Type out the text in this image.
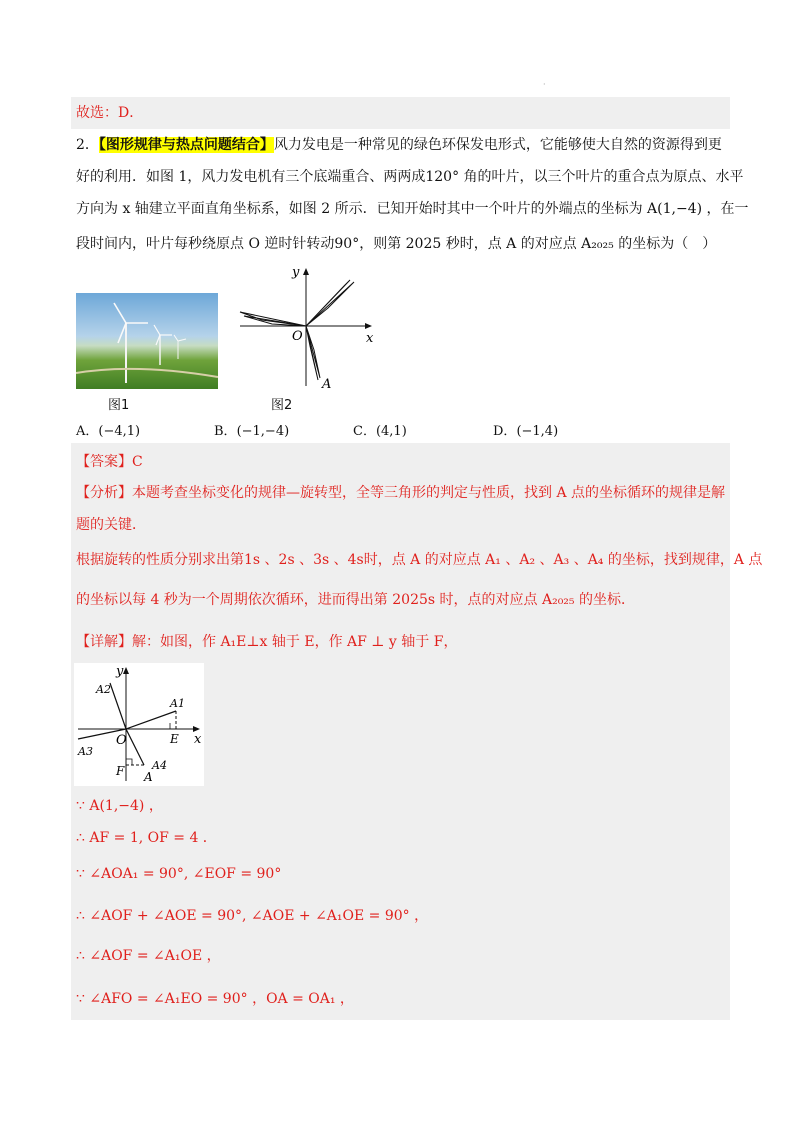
·
故选：D．
2．【图形规律与热点问题结合】风力发电是一种常见的绿色环保发电形式，它能够使大自然的资源得到更
好的利用．如图 1，风力发电机有三个底端重合、两两成120° 角的叶片，以三个叶片的重合点为原点、水平
方向为 x 轴建立平面直角坐标系，如图 2 所示．已知开始时其中一个叶片的外端点的坐标为 A(1,−4) ，在一
段时间内，叶片每秒绕原点 O 逆时针转动90°，则第 2025 秒时，点 A 的对应点 A₂₀₂₅ 的坐标为（　）
图1
y
x
O
A
图2
A．(−4,1)	B．(−1,−4)	C．(4,1)	D．(−1,4)
【答案】C
【分析】本题考查坐标变化的规律—旋转型，全等三角形的判定与性质，找到 A 点的坐标循环的规律是解
题的关键．
根据旋转的性质分别求出第1s 、2s 、3s 、4s时，点 A 的对应点 A₁ 、A₂ 、A₃ 、A₄ 的坐标，找到规律，A 点
的坐标以每 4 秒为一个周期依次循环，进而得出第 2025s 时，点的对应点 A₂₀₂₅ 的坐标．
【详解】解：如图，作 A₁E⊥x 轴于 E，作 AF ⊥ y 轴于 F，
y
x
O
A2
A1
A3
A4
E
F A
∵ A(1,−4) ，
∴ AF = 1, OF = 4 ．
∵ ∠AOA₁ = 90°, ∠EOF = 90°
∴ ∠AOF + ∠AOE = 90°, ∠AOE + ∠A₁OE = 90° ，
∴ ∠AOF = ∠A₁OE ，
∵ ∠AFO = ∠A₁EO = 90° ，OA = OA₁ ，
